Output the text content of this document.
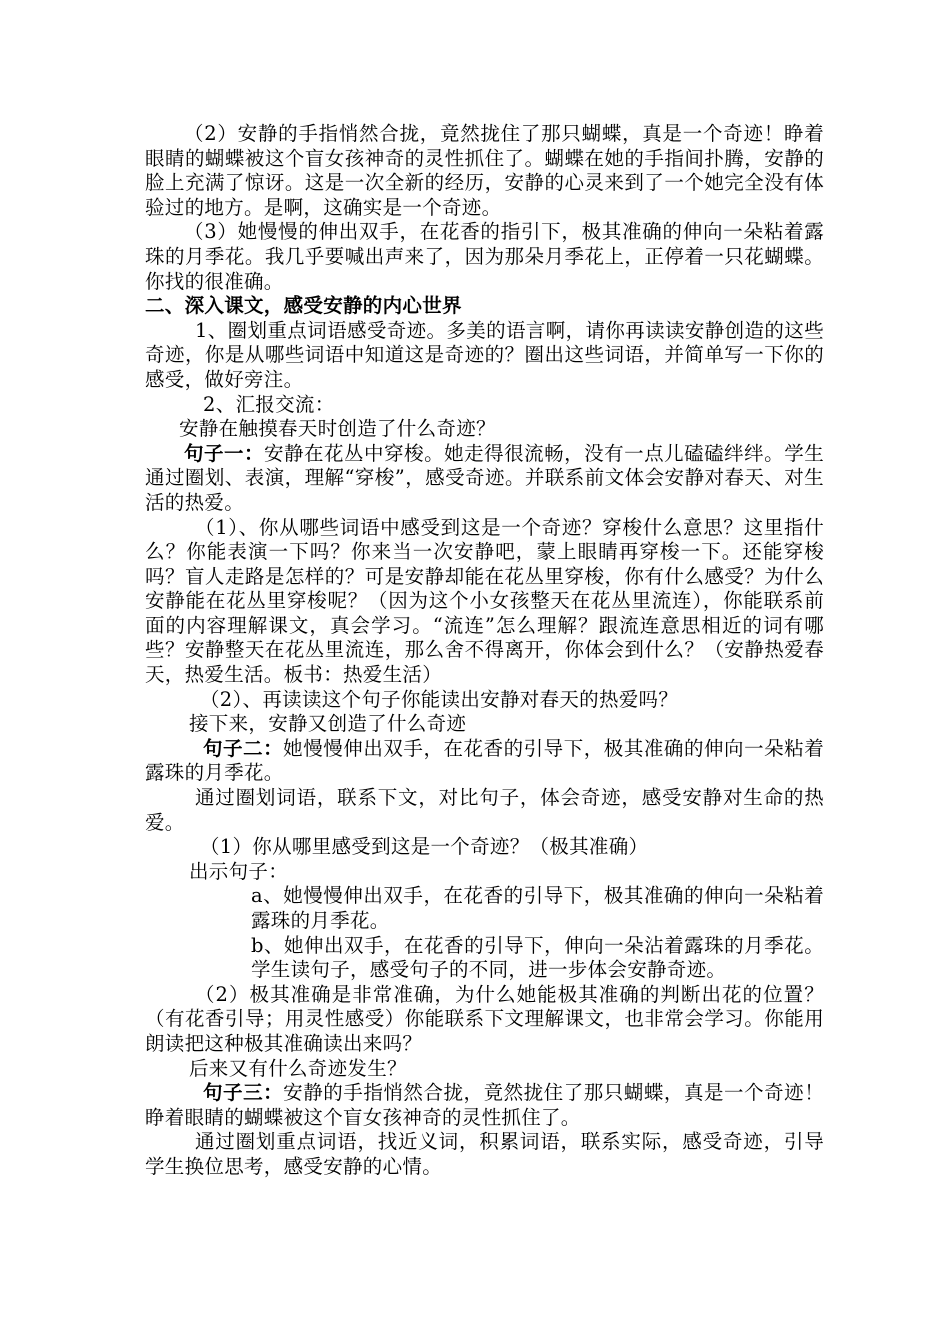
（2）安静的手指悄然合拢，竟然拢住了那只蝴蝶，真是一个奇迹！睁着眼睛的蝴蝶被这个盲女孩神奇的灵性抓住了。蝴蝶在她的手指间扑腾，安静的脸上充满了惊讶。这是一次全新的经历，安静的心灵来到了一个她完全没有体验过的地方。是啊，这确实是一个奇迹。

（3）她慢慢的伸出双手，在花香的指引下，极其准确的伸向一朵粘着露珠的月季花。我几乎要喊出声来了，因为那朵月季花上，正停着一只花蝴蝶。你找的很准确。

二、深入课文，感受安静的内心世界

1、圈划重点词语感受奇迹。多美的语言啊，请你再读读安静创造的这些奇迹，你是从哪些词语中知道这是奇迹的？圈出这些词语，并简单写一下你的感受，做好旁注。

2、汇报交流：

安静在触摸春天时创造了什么奇迹？

句子一：安静在花丛中穿梭。她走得很流畅，没有一点儿磕磕绊绊。学生通过圈划、表演，理解“穿梭”，感受奇迹。并联系前文体会安静对春天、对生活的热爱。

（1）、你从哪些词语中感受到这是一个奇迹？穿梭什么意思？这里指什么？你能表演一下吗？你来当一次安静吧，蒙上眼睛再穿梭一下。还能穿梭吗？盲人走路是怎样的？可是安静却能在花丛里穿梭，你有什么感受？为什么安静能在花丛里穿梭呢？（因为这个小女孩整天在花丛里流连），你能联系前面的内容理解课文，真会学习。“流连”怎么理解？跟流连意思相近的词有哪些？安静整天在花丛里流连，那么舍不得离开，你体会到什么？（安静热爱春天，热爱生活。板书：热爱生活）

（2）、再读读这个句子你能读出安静对春天的热爱吗？

接下来，安静又创造了什么奇迹

句子二：她慢慢伸出双手，在花香的引导下，极其准确的伸向一朵粘着露珠的月季花。

通过圈划词语，联系下文，对比句子，体会奇迹，感受安静对生命的热爱。

（1）你从哪里感受到这是一个奇迹？（极其准确）

出示句子：

a、她慢慢伸出双手，在花香的引导下，极其准确的伸向一朵粘着露珠的月季花。

b、她伸出双手，在花香的引导下，伸向一朵沾着露珠的月季花。学生读句子，感受句子的不同，进一步体会安静奇迹。

（2）极其准确是非常准确，为什么她能极其准确的判断出花的位置？（有花香引导；用灵性感受）你能联系下文理解课文，也非常会学习。你能用朗读把这种极其准确读出来吗？

后来又有什么奇迹发生？

句子三：安静的手指悄然合拢，竟然拢住了那只蝴蝶，真是一个奇迹！睁着眼睛的蝴蝶被这个盲女孩神奇的灵性抓住了。

通过圈划重点词语，找近义词，积累词语，联系实际，感受奇迹，引导学生换位思考，感受安静的心情。
